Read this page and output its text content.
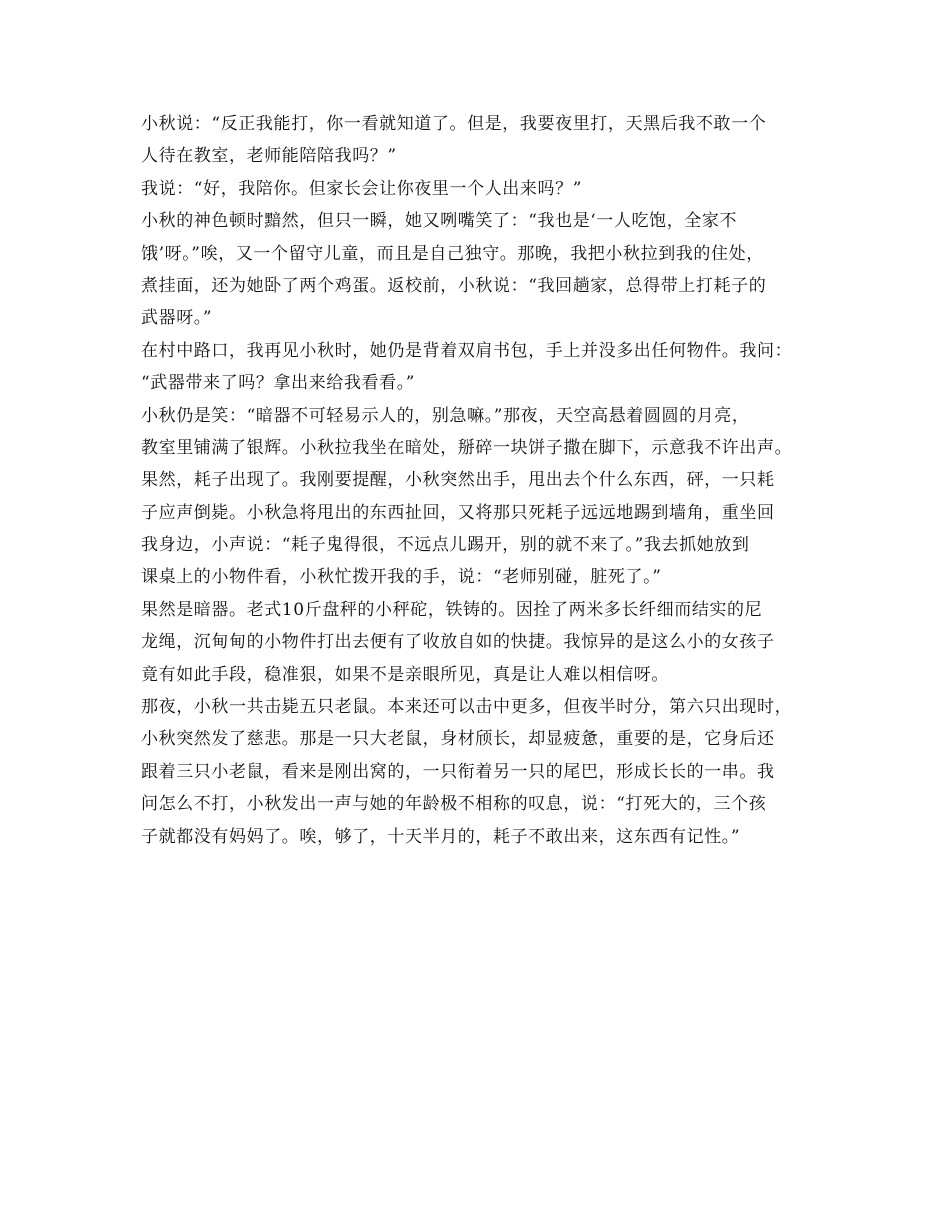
小秋说：“反正我能打，你一看就知道了。但是，我要夜里打，天黑后我不敢一个
人待在教室，老师能陪陪我吗？”
我说：“好，我陪你。但家长会让你夜里一个人出来吗？”
小秋的神色顿时黯然，但只一瞬，她又咧嘴笑了：“我也是‘一人吃饱，全家不
饿’呀。”唉，又一个留守儿童，而且是自己独守。那晚，我把小秋拉到我的住处，
煮挂面，还为她卧了两个鸡蛋。返校前，小秋说：“我回趟家，总得带上打耗子的
武器呀。”
在村中路口，我再见小秋时，她仍是背着双肩书包，手上并没多出任何物件。我问：
“武器带来了吗？拿出来给我看看。”
小秋仍是笑：“暗器不可轻易示人的，别急嘛。”那夜，天空高悬着圆圆的月亮，
教室里铺满了银辉。小秋拉我坐在暗处，掰碎一块饼子撒在脚下，示意我不许出声。
果然，耗子出现了。我刚要提醒，小秋突然出手，甩出去个什么东西，砰，一只耗
子应声倒毙。小秋急将甩出的东西扯回，又将那只死耗子远远地踢到墙角，重坐回
我身边，小声说：“耗子鬼得很，不远点儿踢开，别的就不来了。”我去抓她放到
课桌上的小物件看，小秋忙拨开我的手，说：“老师别碰，脏死了。”
果然是暗器。老式10斤盘秤的小秤砣，铁铸的。因拴了两米多长纤细而结实的尼
龙绳，沉甸甸的小物件打出去便有了收放自如的快捷。我惊异的是这么小的女孩子
竟有如此手段，稳准狠，如果不是亲眼所见，真是让人难以相信呀。
那夜，小秋一共击毙五只老鼠。本来还可以击中更多，但夜半时分，第六只出现时，
小秋突然发了慈悲。那是一只大老鼠，身材颀长，却显疲惫，重要的是，它身后还
跟着三只小老鼠，看来是刚出窝的，一只衔着另一只的尾巴，形成长长的一串。我
问怎么不打，小秋发出一声与她的年龄极不相称的叹息，说：“打死大的，三个孩
子就都没有妈妈了。唉，够了，十天半月的，耗子不敢出来，这东西有记性。”
